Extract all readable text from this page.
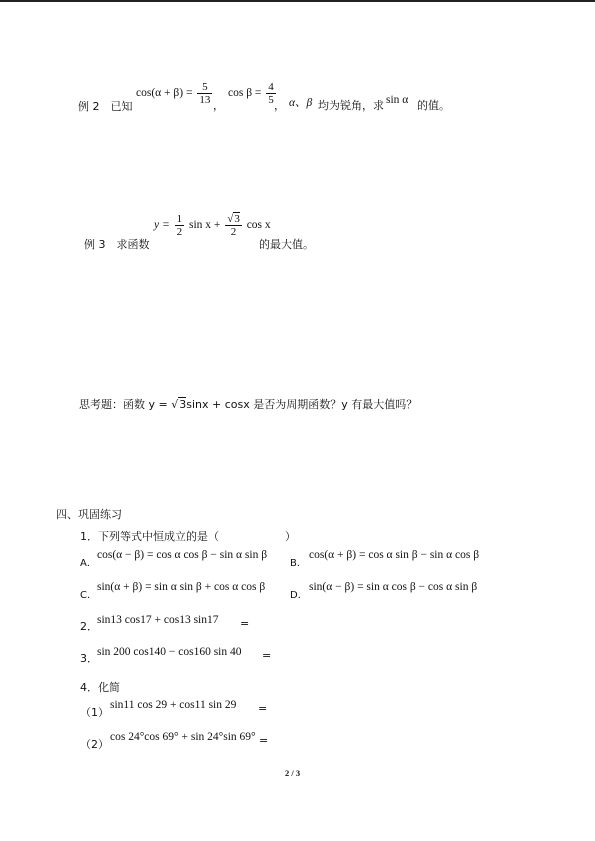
例 2　已知
$\cos(\alpha + \beta) = \frac{5}{13}$ ，
$\cos \beta = \frac{4}{5}$
， α、β 均为锐角，求 sin α 的值。
例 3　求函数
$y = \frac{1}{2}$ $\sin x + \frac{√3}{2}$ cos x
的最大值。
思考题：函数 y = √3sinx + cosx 是否为周期函数？y 有最大值吗？
四、巩固练习
1．下列等式中恒成立的是（　　　　　　）
A．
cos(α − β) = cos α cos β − sin α sin β
B．
cos(α + β) = cos α sin β − sin α cos β
C．
sin(α + β) = sin α sin β + cos α cos β
D．
sin(α − β) = sin α cos β − cos α sin β
2． sin13 cos17 + cos13 sin17 =
3． sin 200 cos140 − cos160 sin 40 =
4．化简
（1）
sin11 cos 29 + cos11 sin 29 =
（2）
cos 24°cos 69° + sin 24°sin 69° =
2 / 3
